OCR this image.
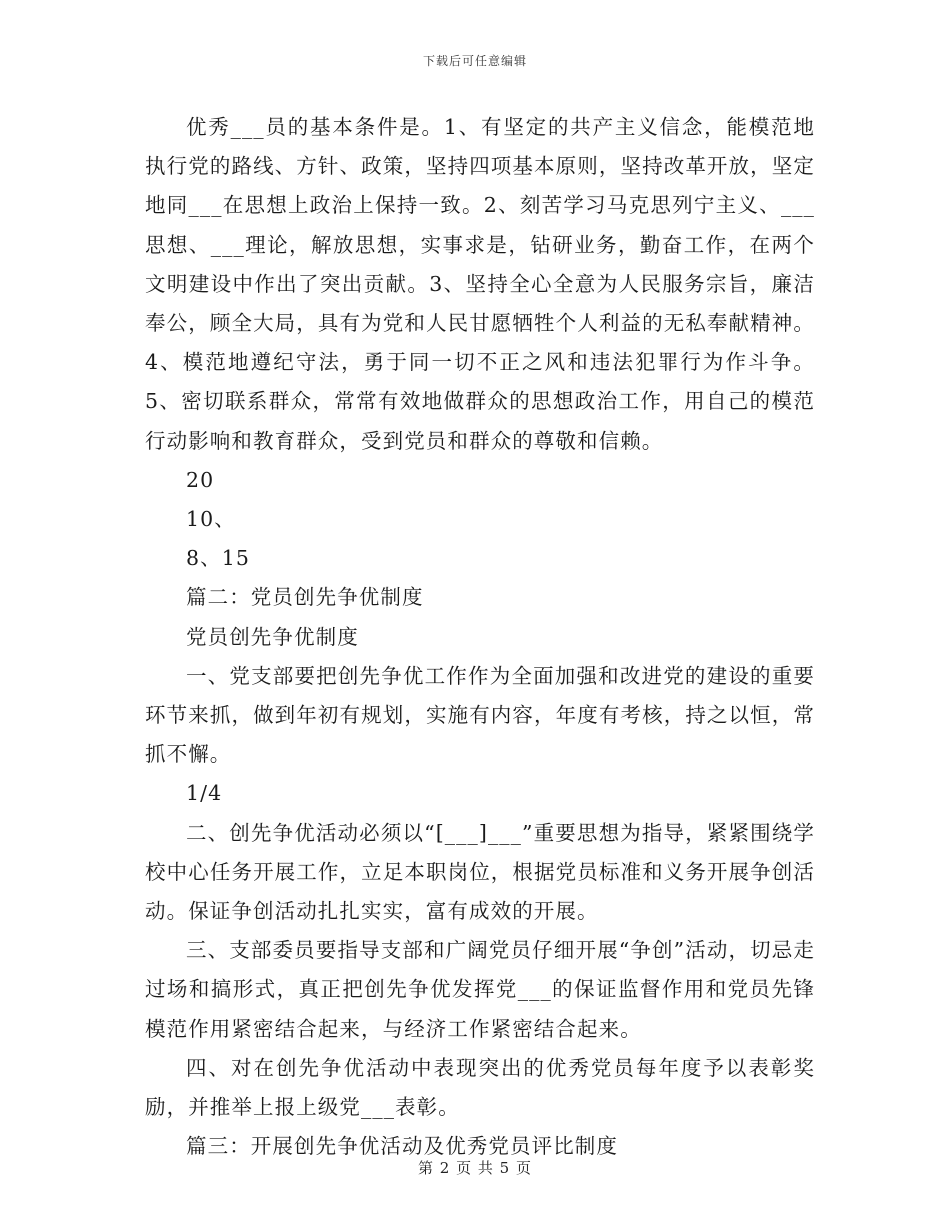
下载后可任意编辑

优秀___员的基本条件是。1、有坚定的共产主义信念，能模范地执行党的路线、方针、政策，坚持四项基本原则，坚持改革开放，坚定地同___在思想上政治上保持一致。2、刻苦学习马克思列宁主义、___思想、___理论，解放思想，实事求是，钻研业务，勤奋工作，在两个文明建设中作出了突出贡献。3、坚持全心全意为人民服务宗旨，廉洁奉公，顾全大局，具有为党和人民甘愿牺牲个人利益的无私奉献精神。4、模范地遵纪守法，勇于同一切不正之风和违法犯罪行为作斗争。5、密切联系群众，常常有效地做群众的思想政治工作，用自己的模范行动影响和教育群众，受到党员和群众的尊敬和信赖。

20

10、

8、15

篇二：党员创先争优制度

党员创先争优制度

一、党支部要把创先争优工作作为全面加强和改进党的建设的重要环节来抓，做到年初有规划，实施有内容，年度有考核，持之以恒，常抓不懈。

1/4

二、创先争优活动必须以“[___]___”重要思想为指导，紧紧围绕学校中心任务开展工作，立足本职岗位，根据党员标准和义务开展争创活动。保证争创活动扎扎实实，富有成效的开展。

三、支部委员要指导支部和广阔党员仔细开展“争创”活动，切忌走过场和搞形式，真正把创先争优发挥党___的保证监督作用和党员先锋模范作用紧密结合起来，与经济工作紧密结合起来。

四、对在创先争优活动中表现突出的优秀党员每年度予以表彰奖励，并推举上报上级党___表彰。

篇三：开展创先争优活动及优秀党员评比制度

第 2 页 共 5 页
